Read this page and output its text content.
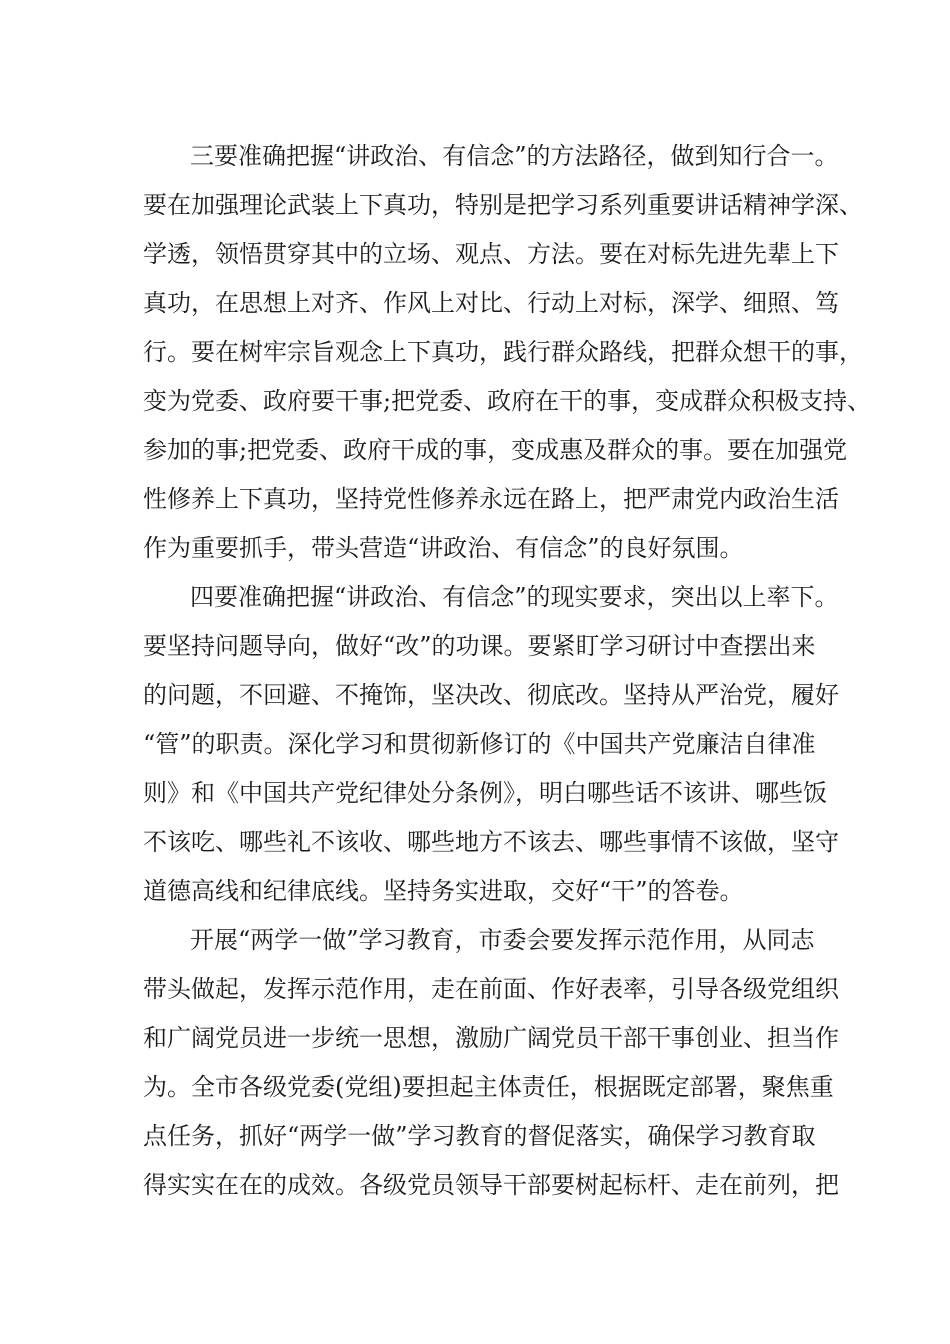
三要准确把握“讲政治、有信念”的方法路径，做到知行合一。
要在加强理论武装上下真功，特别是把学习系列重要讲话精神学深、
学透，领悟贯穿其中的立场、观点、方法。要在对标先进先辈上下
真功，在思想上对齐、作风上对比、行动上对标，深学、细照、笃
行。要在树牢宗旨观念上下真功，践行群众路线，把群众想干的事，
变为党委、政府要干事;把党委、政府在干的事，变成群众积极支持、
参加的事;把党委、政府干成的事，变成惠及群众的事。要在加强党
性修养上下真功，坚持党性修养永远在路上，把严肃党内政治生活
作为重要抓手，带头营造“讲政治、有信念”的良好氛围。
四要准确把握“讲政治、有信念”的现实要求，突出以上率下。
要坚持问题导向，做好“改”的功课。要紧盯学习研讨中查摆出来
的问题，不回避、不掩饰，坚决改、彻底改。坚持从严治党，履好
“管”的职责。深化学习和贯彻新修订的《中国共产党廉洁自律准
则》和《中国共产党纪律处分条例》，明白哪些话不该讲、哪些饭
不该吃、哪些礼不该收、哪些地方不该去、哪些事情不该做，坚守
道德高线和纪律底线。坚持务实进取，交好“干”的答卷。
开展“两学一做”学习教育，市委会要发挥示范作用，从同志
带头做起，发挥示范作用，走在前面、作好表率，引导各级党组织
和广阔党员进一步统一思想，激励广阔党员干部干事创业、担当作
为。全市各级党委(党组)要担起主体责任，根据既定部署，聚焦重
点任务，抓好“两学一做”学习教育的督促落实，确保学习教育取
得实实在在的成效。各级党员领导干部要树起标杆、走在前列，把
